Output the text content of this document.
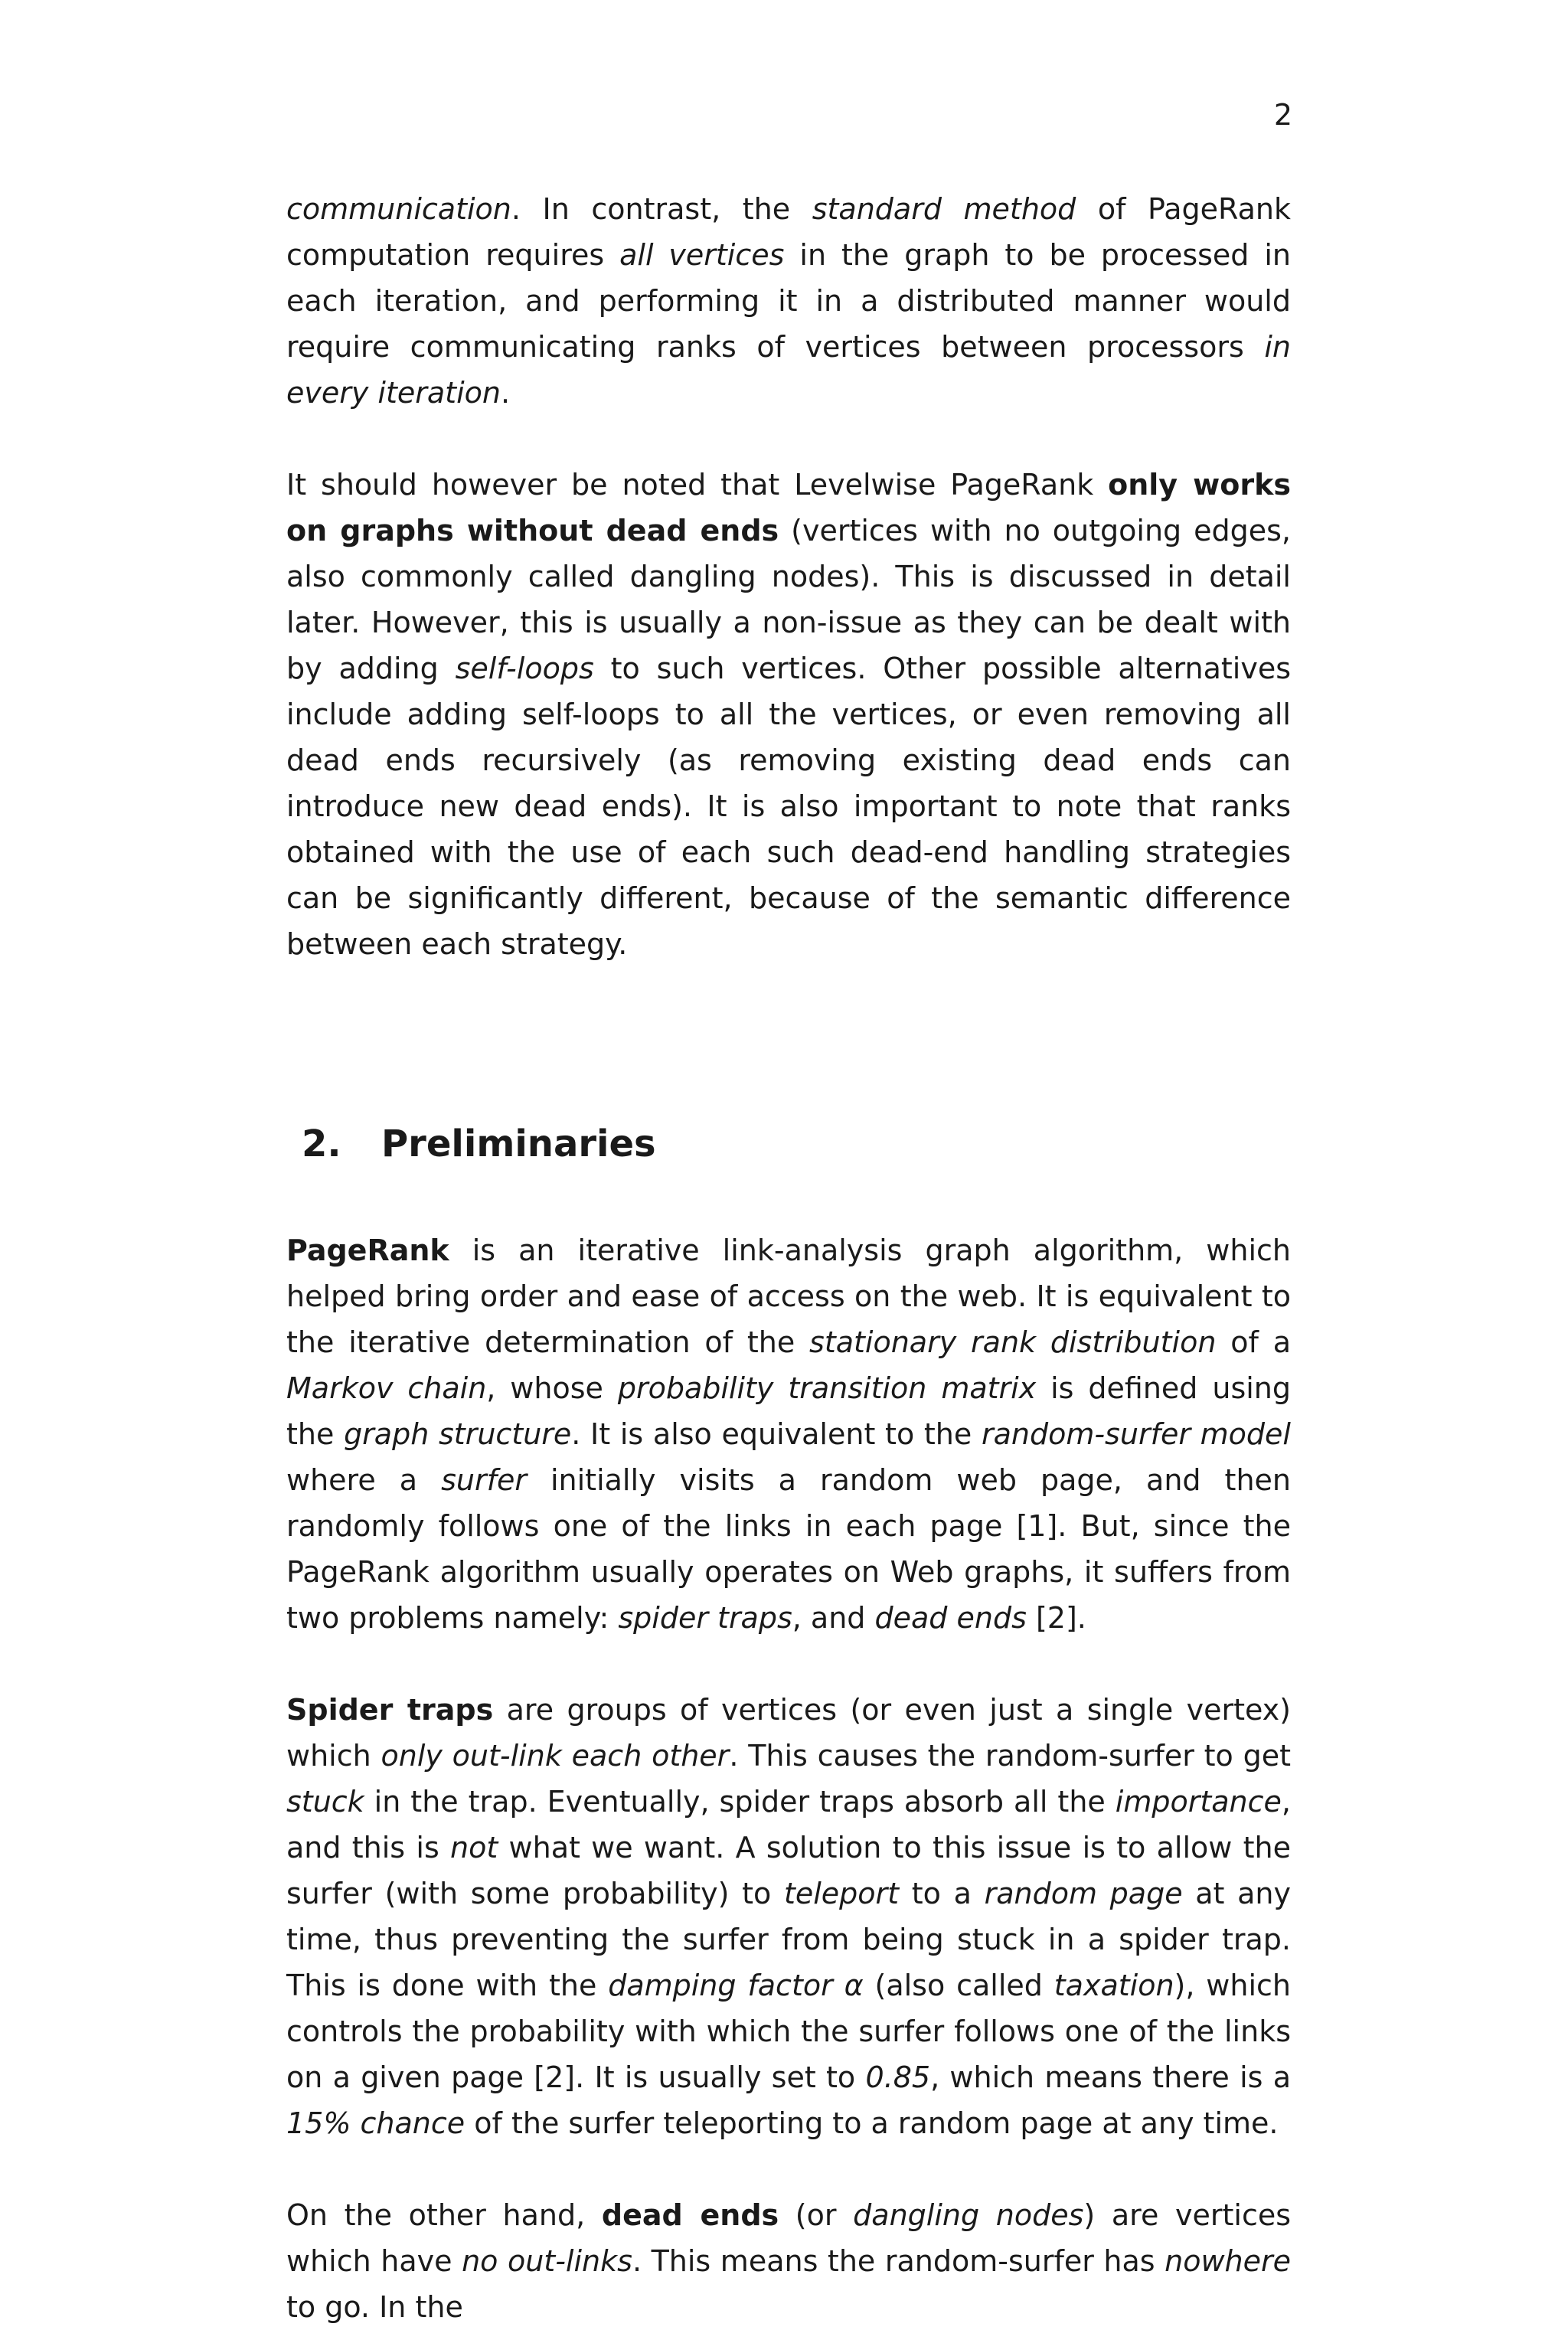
2

communication. In contrast, the standard method of PageRank computation requires all vertices in the graph to be processed in each iteration, and performing it in a distributed manner would require communicating ranks of vertices between processors in every iteration.

It should however be noted that Levelwise PageRank only works on graphs without dead ends (vertices with no outgoing edges, also commonly called dangling nodes). This is discussed in detail later. However, this is usually a non-issue as they can be dealt with by adding self-loops to such vertices. Other possible alternatives include adding self-loops to all the vertices, or even removing all dead ends recursively (as removing existing dead ends can introduce new dead ends). It is also important to note that ranks obtained with the use of each such dead-end handling strategies can be significantly different, because of the semantic difference between each strategy.

2. Preliminaries

PageRank is an iterative link-analysis graph algorithm, which helped bring order and ease of access on the web. It is equivalent to the iterative determination of the stationary rank distribution of a Markov chain, whose probability transition matrix is defined using the graph structure. It is also equivalent to the random-surfer model where a surfer initially visits a random web page, and then randomly follows one of the links in each page [1]. But, since the PageRank algorithm usually operates on Web graphs, it suffers from two problems namely: spider traps, and dead ends [2].

Spider traps are groups of vertices (or even just a single vertex) which only out-link each other. This causes the random-surfer to get stuck in the trap. Eventually, spider traps absorb all the importance, and this is not what we want. A solution to this issue is to allow the surfer (with some probability) to teleport to a random page at any time, thus preventing the surfer from being stuck in a spider trap. This is done with the damping factor α (also called taxation), which controls the probability with which the surfer follows one of the links on a given page [2]. It is usually set to 0.85, which means there is a 15% chance of the surfer teleporting to a random page at any time.

On the other hand, dead ends (or dangling nodes) are vertices which have no out-links. This means the random-surfer has nowhere to go. In the
